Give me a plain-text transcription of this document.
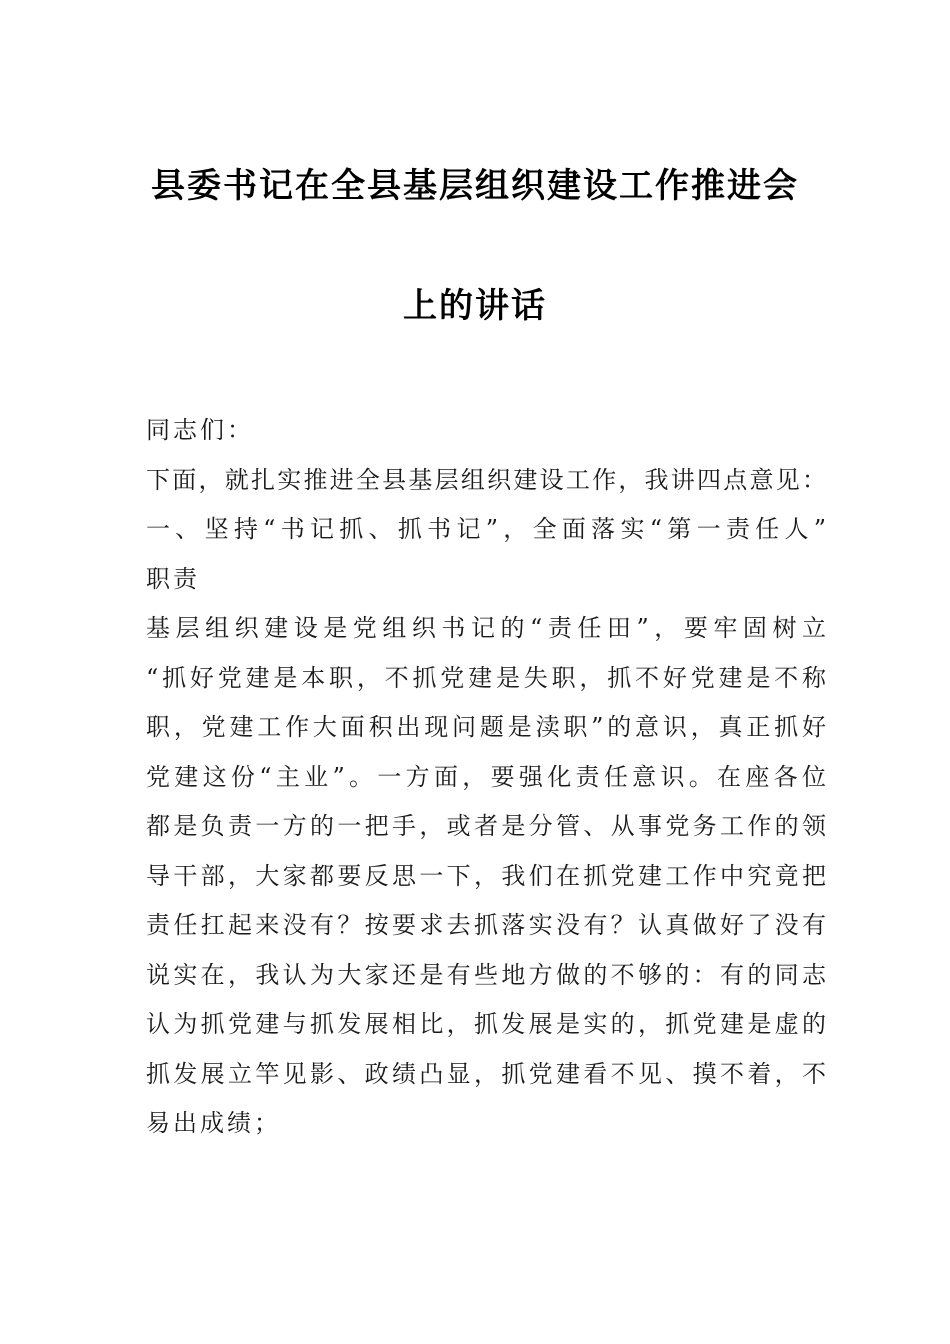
县委书记在全县基层组织建设工作推进会
上的讲话
同志们：
下面，就扎实推进全县基层组织建设工作，我讲四点意见：
一、坚持“书记抓、抓书记”，全面落实“第一责任人”
职责
基层组织建设是党组织书记的“责任田”，要牢固树立
“抓好党建是本职，不抓党建是失职，抓不好党建是不称
职，党建工作大面积出现问题是渎职”的意识，真正抓好
党建这份“主业”。一方面，要强化责任意识。在座各位
都是负责一方的一把手，或者是分管、从事党务工作的领
导干部，大家都要反思一下，我们在抓党建工作中究竟把
责任扛起来没有？按要求去抓落实没有？认真做好了没有
说实在，我认为大家还是有些地方做的不够的：有的同志
认为抓党建与抓发展相比，抓发展是实的，抓党建是虚的
抓发展立竿见影、政绩凸显，抓党建看不见、摸不着，不
易出成绩；
